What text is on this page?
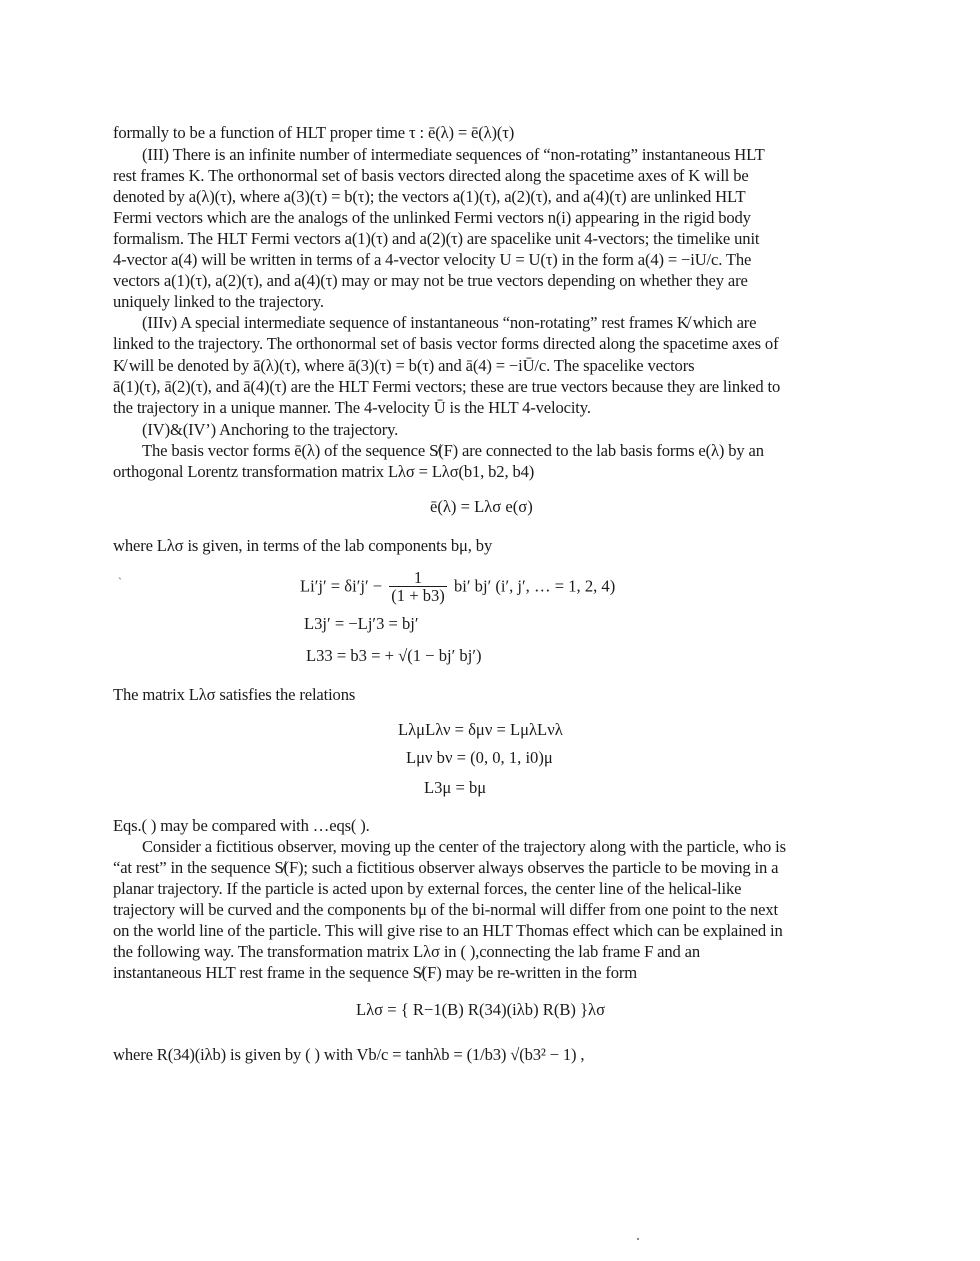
formally to be a function of HLT proper time τ : ē(λ) = ē(λ)(τ)
(III) There is an infinite number of intermediate sequences of “non-rotating” instantaneous HLT
rest frames K. The orthonormal set of basis vectors directed along the spacetime axes of K will be
denoted by a(λ)(τ), where a(3)(τ) = b(τ); the vectors a(1)(τ), a(2)(τ), and a(4)(τ) are unlinked HLT
Fermi vectors which are the analogs of the unlinked Fermi vectors n(i) appearing in the rigid body
formalism. The HLT Fermi vectors a(1)(τ) and a(2)(τ) are spacelike unit 4-vectors; the timelike unit
4-vector a(4) will be written in terms of a 4-vector velocity U = U(τ) in the form a(4) = −iU/c. The
vectors a(1)(τ), a(2)(τ), and a(4)(τ) may or may not be true vectors depending on whether they are
uniquely linked to the trajectory.
(IIIv) A special intermediate sequence of instantaneous “non-rotating” rest frames K̸ which are
linked to the trajectory. The orthonormal set of basis vector forms directed along the spacetime axes of
K̸ will be denoted by ā(λ)(τ), where ā(3)(τ) = b(τ) and ā(4) = −iŪ/c. The spacelike vectors
ā(1)(τ), ā(2)(τ), and ā(4)(τ) are the HLT Fermi vectors; these are true vectors because they are linked to
the trajectory in a unique manner. The 4-velocity Ū is the HLT 4-velocity.
(IV)&(IV’) Anchoring to the trajectory.
The basis vector forms ē(λ) of the sequence S̸(F) are connected to the lab basis forms e(λ) by an
orthogonal Lorentz transformation matrix Lλσ = Lλσ(b1, b2, b4)
ē(λ) = Lλσ e(σ)
where Lλσ is given, in terms of the lab components bμ, by
`	$Li'j' = \delta i'j' - \frac{1}{(1 + b3)} bi'$ bj′ (i′, j′, … = 1, 2, 4)
L3j′ = −Lj′3 = bj′
L33 = b3 = + √(1 − bj′ bj′)
The matrix Lλσ satisfies the relations
LλμLλν = δμν = LμλLνλ
Lμν bν = (0, 0, 1, i0)μ
L3μ = bμ
Eqs.( ) may be compared with …eqs( ).
Consider a fictitious observer, moving up the center of the trajectory along with the particle, who is
“at rest” in the sequence S̸(F); such a fictitious observer always observes the particle to be moving in a
planar trajectory. If the particle is acted upon by external forces, the center line of the helical-like
trajectory will be curved and the components bμ of the bi-normal will differ from one point to the next
on the world line of the particle. This will give rise to an HLT Thomas effect which can be explained in
the following way. The transformation matrix Lλσ in ( ),connecting the lab frame F and an
instantaneous HLT rest frame in the sequence S̸(F) may be re-written in the form
Lλσ = { R−1(B) R(34)(iλb) R(B) }λσ
where R(34)(iλb) is given by ( ) with Vb/c = tanhλb = (1/b3) √(b3² − 1) ,
